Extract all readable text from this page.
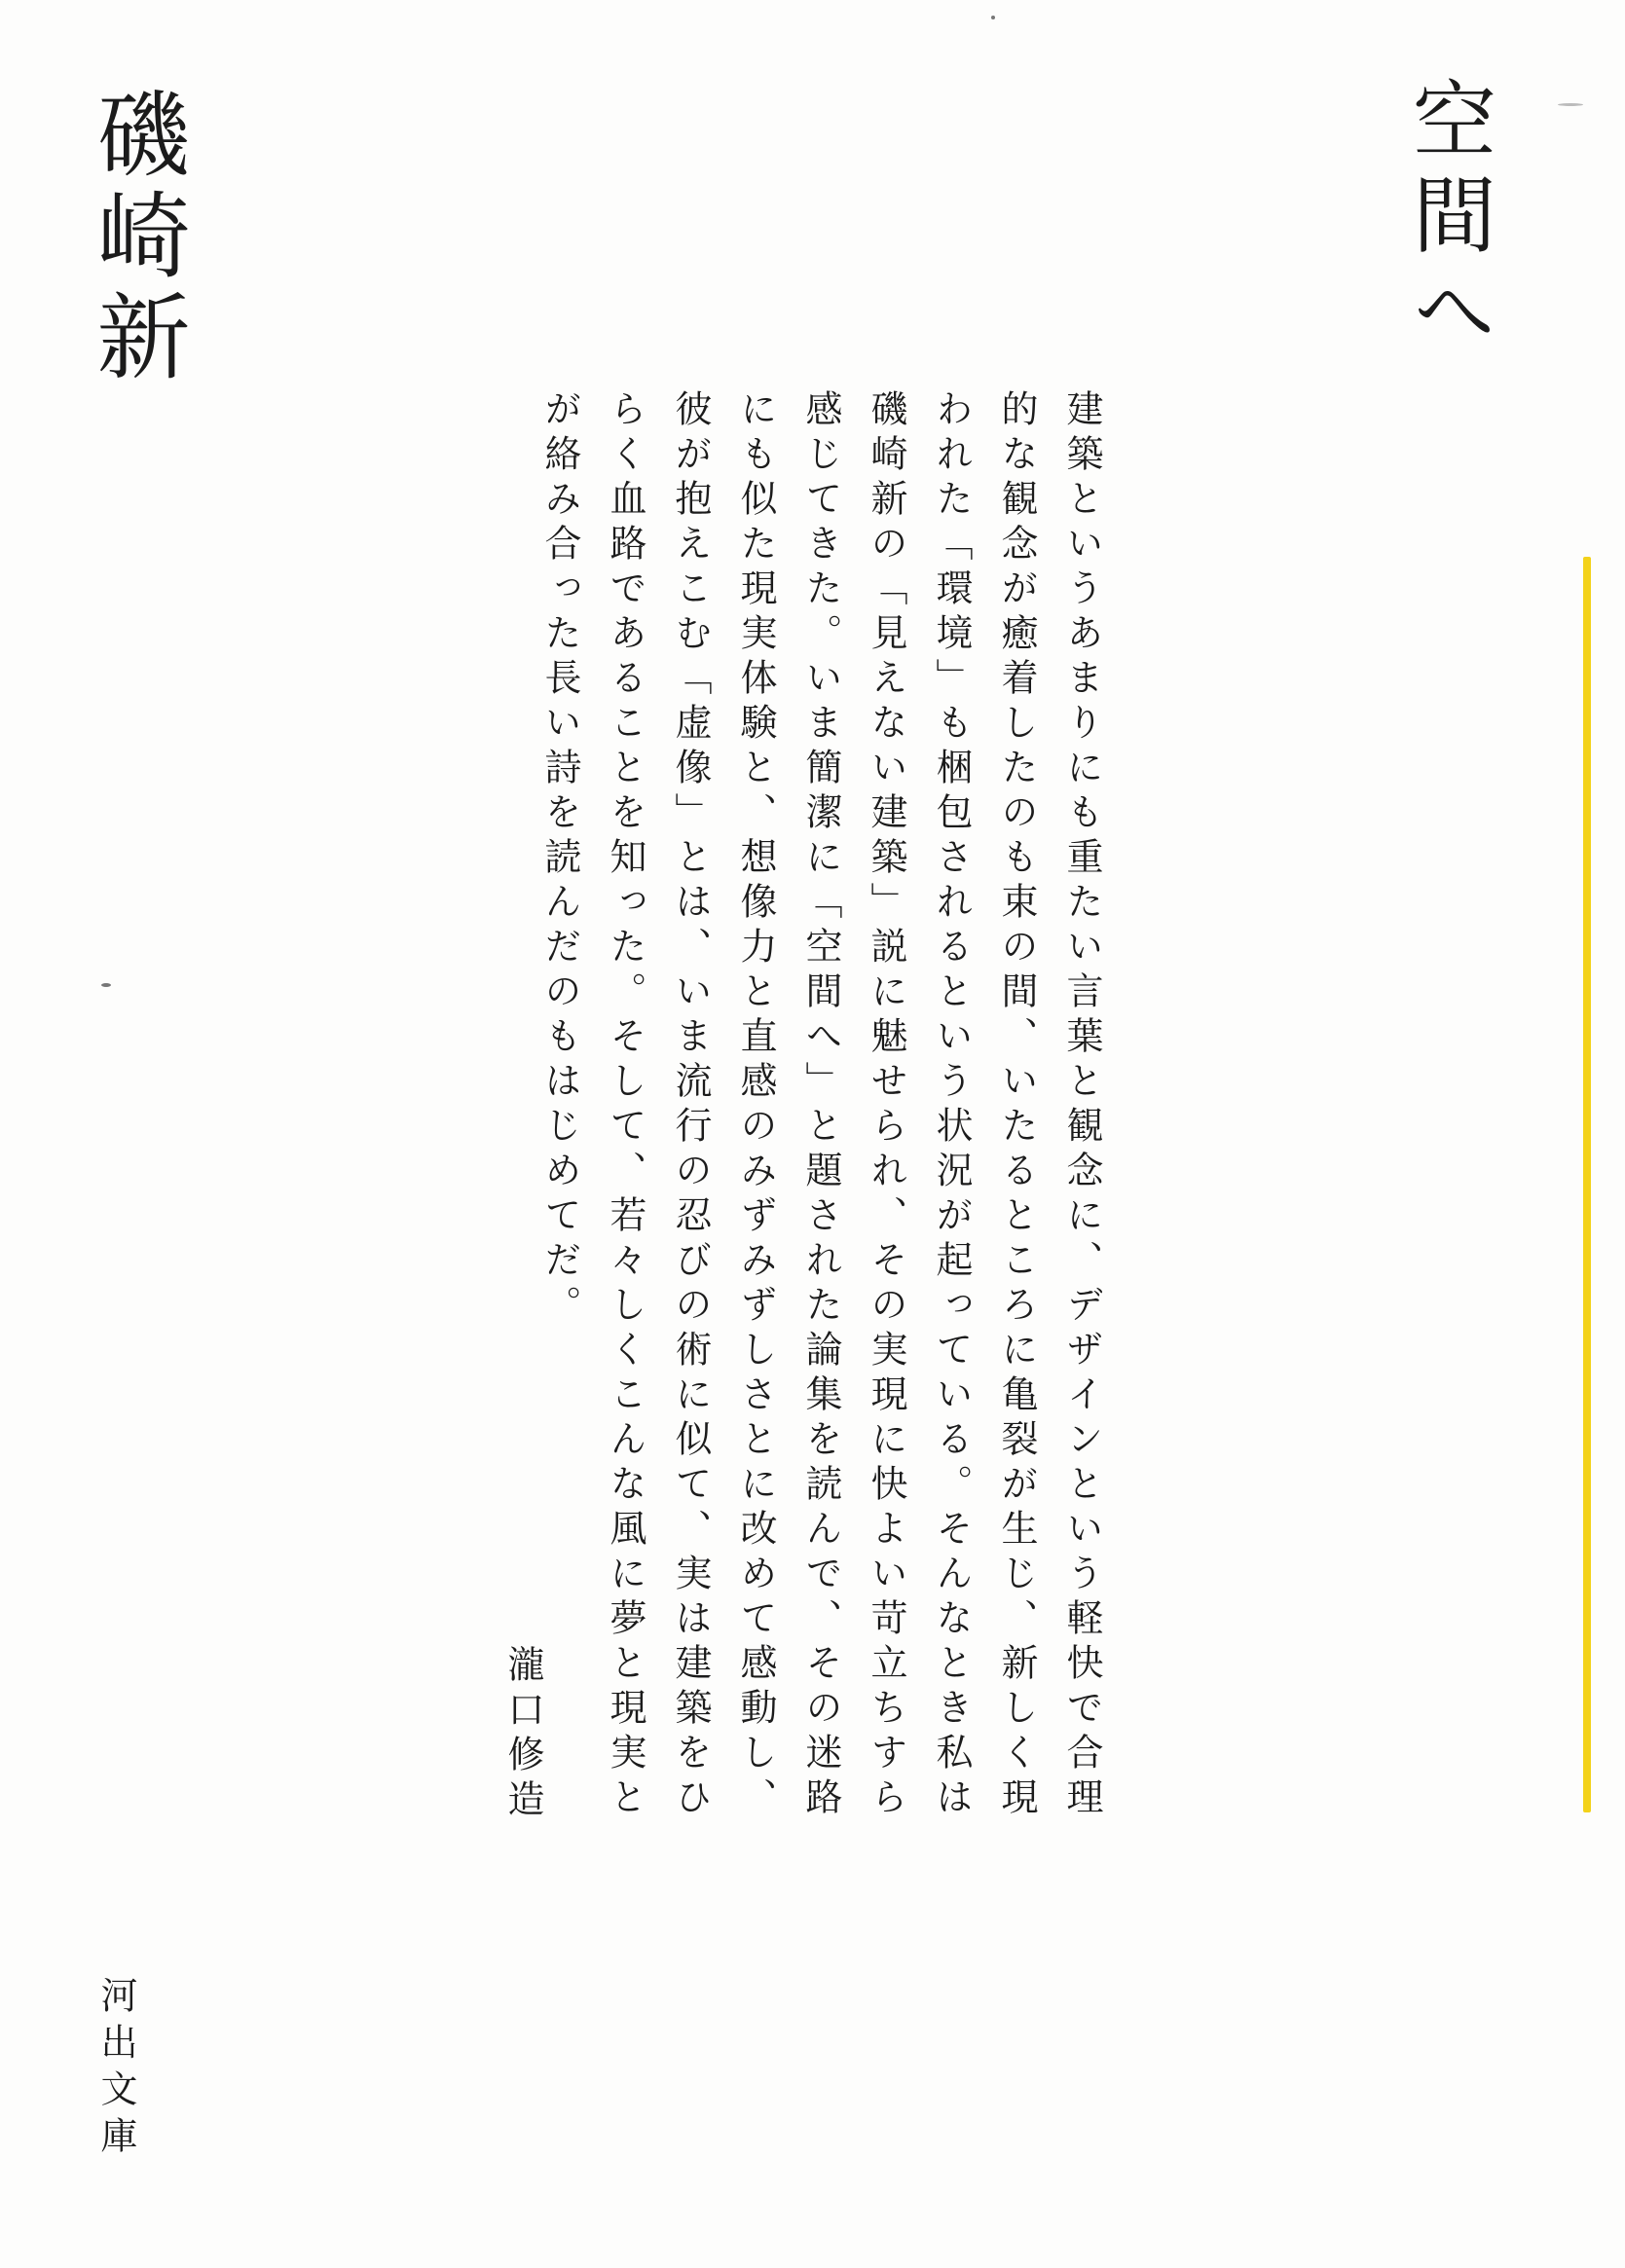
空間へ
磯崎新
建築というあまりにも重たい言葉と観念に、デザインという軽快で合理
的な観念が癒着したのも束の間、いたるところに亀裂が生じ、新しく現
われた「環境」も梱包されるという状況が起っている。そんなとき私は
磯崎新の「見えない建築」説に魅せられ、その実現に快よい苛立ちすら
感じてきた。いま簡潔に「空間へ」と題された論集を読んで、その迷路
にも似た現実体験と、想像力と直感のみずみずしさとに改めて感動し、
彼が抱えこむ「虚像」とは、いま流行の忍びの術に似て、実は建築をひ
らく血路であることを知った。そして、若々しくこんな風に夢と現実と
が絡み合った長い詩を読んだのもはじめてだ。
瀧口修造
河出文庫
